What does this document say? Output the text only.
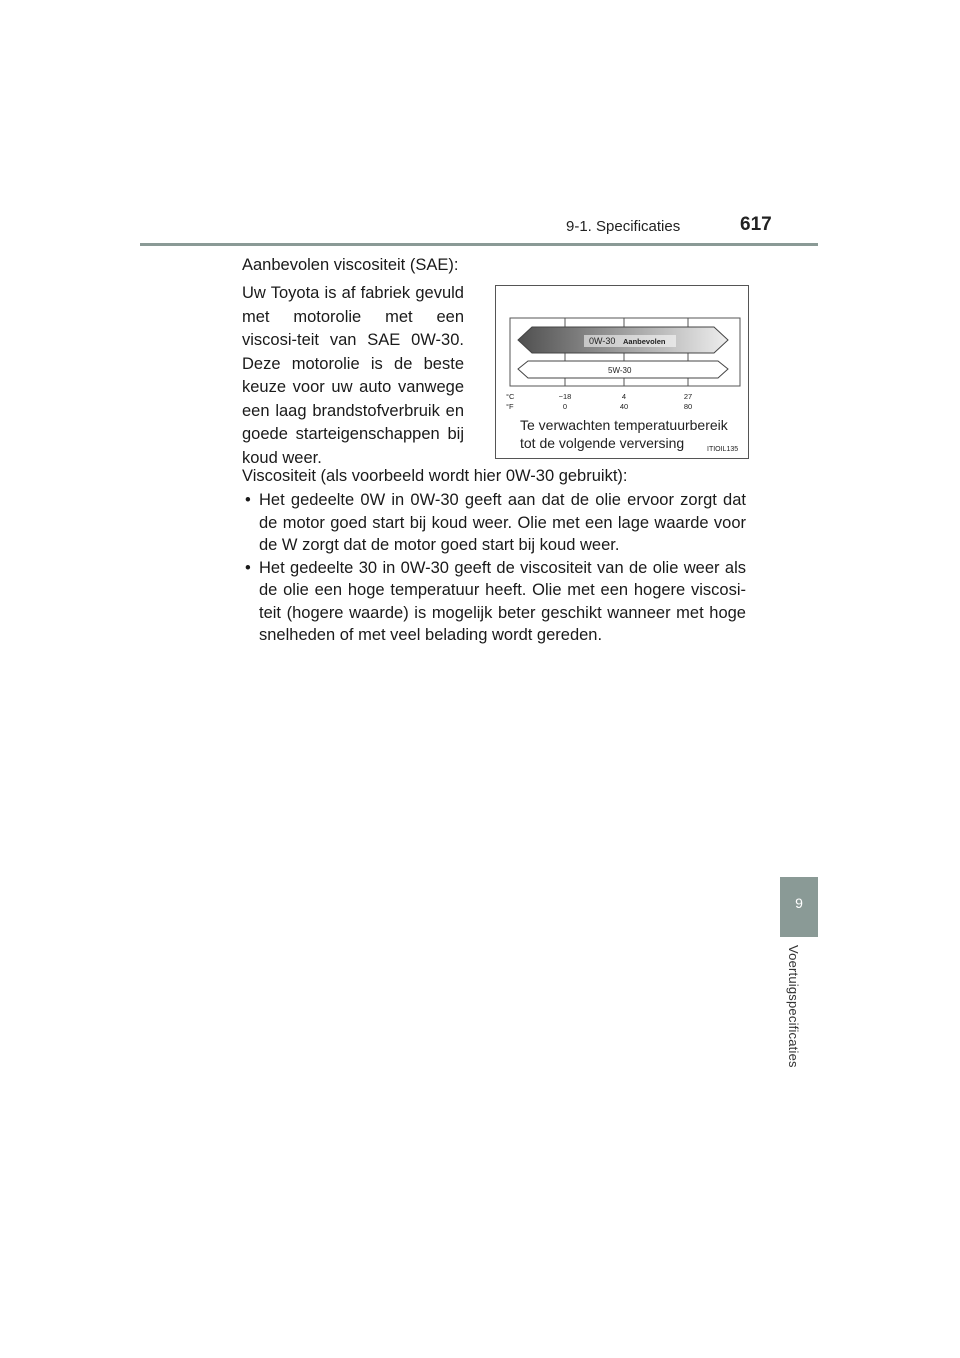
9-1. Specificaties	617
9
Voertuigspecificaties
Aanbevolen viscositeit (SAE):
Uw Toyota is af fabriek gevuld met motorolie met een viscosi-teit van SAE 0W-30. Deze motorolie is de beste keuze voor uw auto vanwege een laag brandstofverbruik en goede starteigenschappen bij koud weer.
0W-30 Aanbevolen
5W-30
°C
°F
−18	4	27
0	40	80
Te verwachten temperatuurbereik
tot de volgende verversing	ITIOIL135
Viscositeit (als voorbeeld wordt hier 0W-30 gebruikt):
• Het gedeelte 0W in 0W-30 geeft aan dat de olie ervoor zorgt dat de motor goed start bij koud weer. Olie met een lage waarde voor de W zorgt dat de motor goed start bij koud weer.
• Het gedeelte 30 in 0W-30 geeft de viscositeit van de olie weer als de olie een hoge temperatuur heeft. Olie met een hogere viscosi-teit (hogere waarde) is mogelijk beter geschikt wanneer met hoge snelheden of met veel belading wordt gereden.
